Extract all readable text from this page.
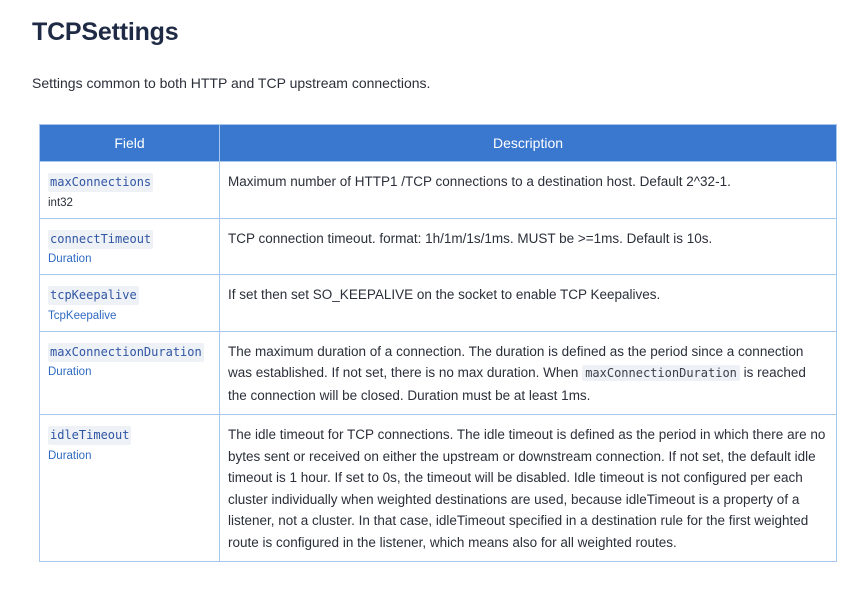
TCPSettings

Settings common to both HTTP and TCP upstream connections.

Field	Description
maxConnections
int32	Maximum number of HTTP1 /TCP connections to a destination host. Default 2^32-1.
connectTimeout
Duration	TCP connection timeout. format: 1h/1m/1s/1ms. MUST be >=1ms. Default is 10s.
tcpKeepalive
TcpKeepalive	If set then set SO_KEEPALIVE on the socket to enable TCP Keepalives.
maxConnectionDuration
Duration	The maximum duration of a connection. The duration is defined as the period since a connection was established. If not set, there is no max duration. When maxConnectionDuration is reached the connection will be closed. Duration must be at least 1ms.
idleTimeout
Duration	The idle timeout for TCP connections. The idle timeout is defined as the period in which there are no bytes sent or received on either the upstream or downstream connection. If not set, the default idle timeout is 1 hour. If set to 0s, the timeout will be disabled. Idle timeout is not configured per each cluster individually when weighted destinations are used, because idleTimeout is a property of a listener, not a cluster. In that case, idleTimeout specified in a destination rule for the first weighted route is configured in the listener, which means also for all weighted routes.
